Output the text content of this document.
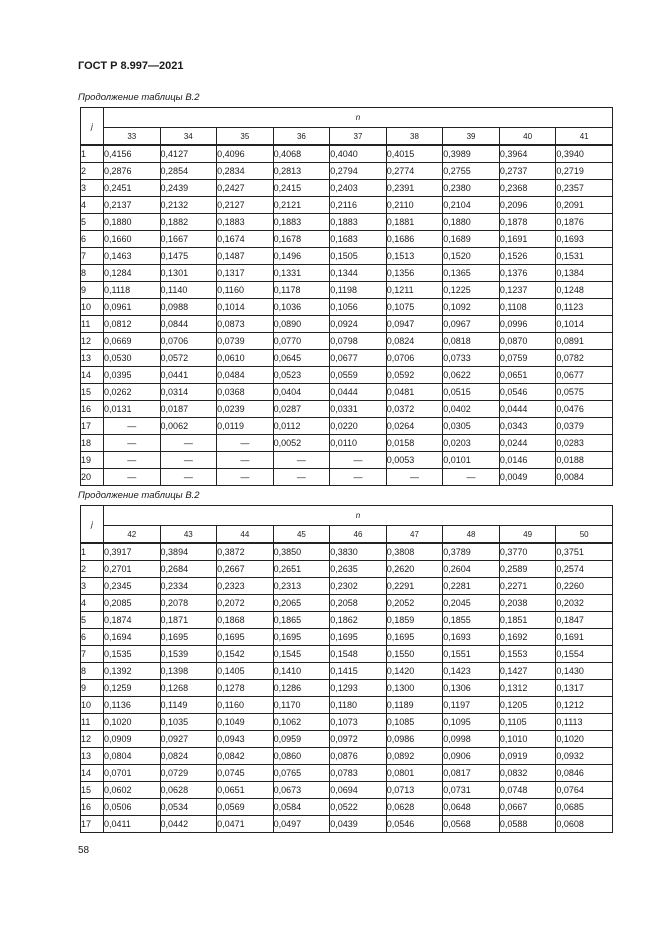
ГОСТ Р 8.997—2021
Продолжение таблицы В.2
j	n								
	33	34	35	36	37	38	39	40	41
1	0,4156	0,4127	0,4096	0,4068	0,4040	0,4015	0,3989	0,3964	0,3940
2	0,2876	0,2854	0,2834	0,2813	0,2794	0,2774	0,2755	0,2737	0,2719
3	0,2451	0,2439	0,2427	0,2415	0,2403	0,2391	0,2380	0,2368	0,2357
4	0,2137	0,2132	0,2127	0,2121	0,2116	0,2110	0,2104	0,2096	0,2091
5	0,1880	0,1882	0,1883	0,1883	0,1883	0,1881	0,1880	0,1878	0,1876
6	0,1660	0,1667	0,1674	0,1678	0,1683	0,1686	0,1689	0,1691	0,1693
7	0,1463	0,1475	0,1487	0,1496	0,1505	0,1513	0,1520	0,1526	0,1531
8	0,1284	0,1301	0,1317	0,1331	0,1344	0,1356	0,1365	0,1376	0,1384
9	0,1118	0,1140	0,1160	0,1178	0,1198	0,1211	0,1225	0,1237	0,1248
10	0,0961	0,0988	0,1014	0,1036	0,1056	0,1075	0,1092	0,1108	0,1123
11	0,0812	0,0844	0,0873	0,0890	0,0924	0,0947	0,0967	0,0996	0,1014
12	0,0669	0,0706	0,0739	0,0770	0,0798	0,0824	0,0818	0,0870	0,0891
13	0,0530	0,0572	0,0610	0,0645	0,0677	0,0706	0,0733	0,0759	0,0782
14	0,0395	0,0441	0,0484	0,0523	0,0559	0,0592	0,0622	0,0651	0,0677
15	0,0262	0,0314	0,0368	0,0404	0,0444	0,0481	0,0515	0,0546	0,0575
16	0,0131	0,0187	0,0239	0,0287	0,0331	0,0372	0,0402	0,0444	0,0476
17	—	0,0062	0,0119	0,0112	0,0220	0,0264	0,0305	0,0343	0,0379
18	—	—	—	0,0052	0,0110	0,0158	0,0203	0,0244	0,0283
19	—	—	—	—	—	0,0053	0,0101	0,0146	0,0188
20	—	—	—	—	—	—	—	0,0049	0,0084
Продолжение таблицы В.2
j	n								
	42	43	44	45	46	47	48	49	50
1	0,3917	0,3894	0,3872	0,3850	0,3830	0,3808	0,3789	0,3770	0,3751
2	0,2701	0,2684	0,2667	0,2651	0,2635	0,2620	0,2604	0,2589	0,2574
3	0,2345	0,2334	0,2323	0,2313	0,2302	0,2291	0,2281	0,2271	0,2260
4	0,2085	0,2078	0,2072	0,2065	0,2058	0,2052	0,2045	0,2038	0,2032
5	0,1874	0,1871	0,1868	0,1865	0,1862	0,1859	0,1855	0,1851	0,1847
6	0,1694	0,1695	0,1695	0,1695	0,1695	0,1695	0,1693	0,1692	0,1691
7	0,1535	0,1539	0,1542	0,1545	0,1548	0,1550	0,1551	0,1553	0,1554
8	0,1392	0,1398	0,1405	0,1410	0,1415	0,1420	0,1423	0,1427	0,1430
9	0,1259	0,1268	0,1278	0,1286	0,1293	0,1300	0,1306	0,1312	0,1317
10	0,1136	0,1149	0,1160	0,1170	0,1180	0,1189	0,1197	0,1205	0,1212
11	0,1020	0,1035	0,1049	0,1062	0,1073	0,1085	0,1095	0,1105	0,1113
12	0,0909	0,0927	0,0943	0,0959	0,0972	0,0986	0,0998	0,1010	0,1020
13	0,0804	0,0824	0,0842	0,0860	0,0876	0,0892	0,0906	0,0919	0,0932
14	0,0701	0,0729	0,0745	0,0765	0,0783	0,0801	0,0817	0,0832	0,0846
15	0,0602	0,0628	0,0651	0,0673	0,0694	0,0713	0,0731	0,0748	0,0764
16	0,0506	0,0534	0,0569	0,0584	0,0522	0,0628	0,0648	0,0667	0,0685
17	0,0411	0,0442	0,0471	0,0497	0,0439	0,0546	0,0568	0,0588	0,0608
58
